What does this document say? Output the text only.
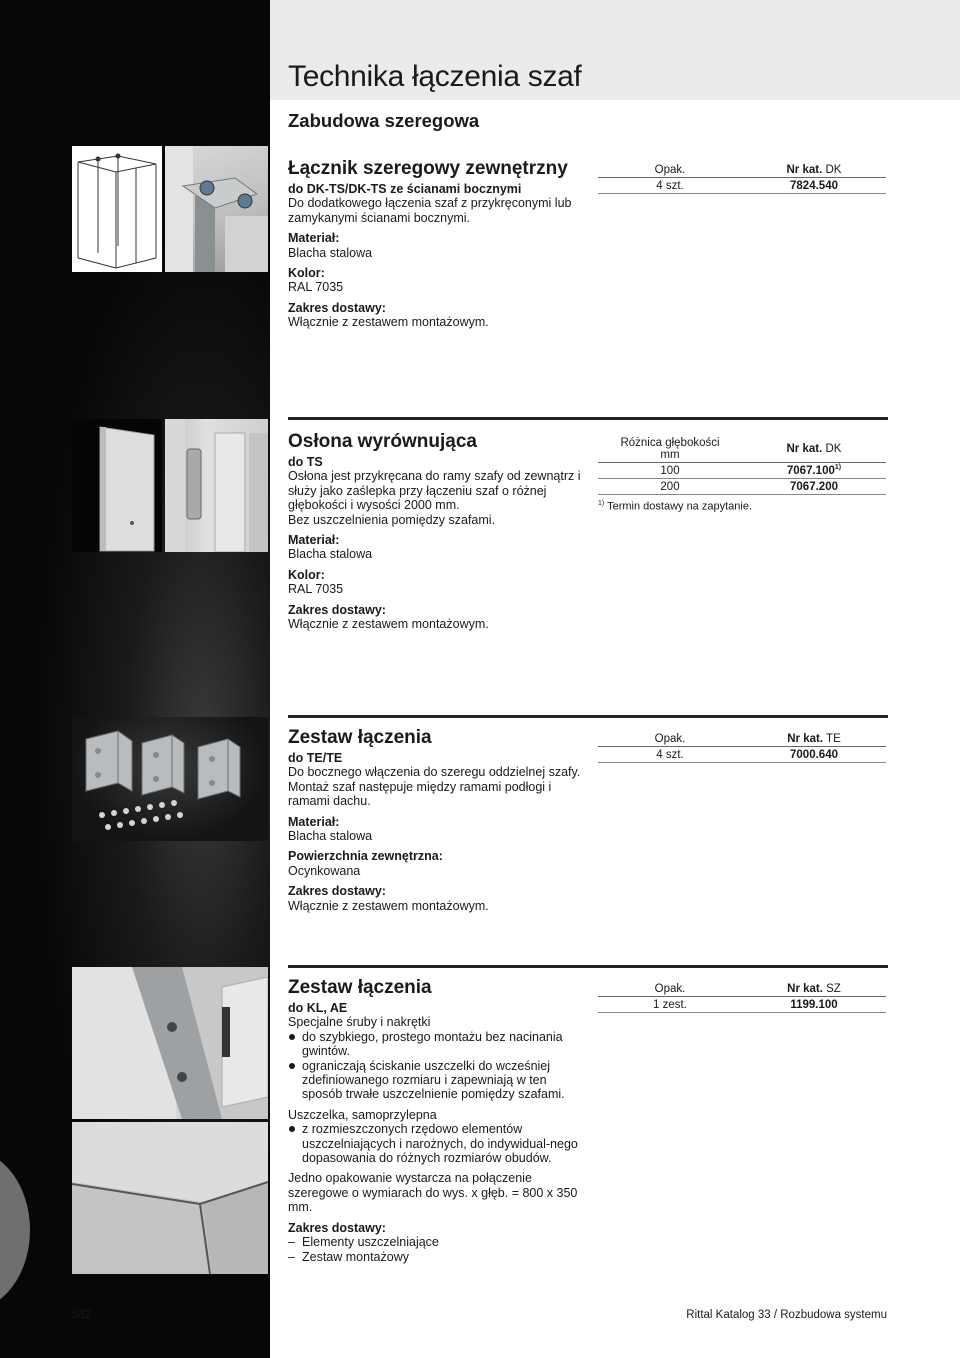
Technika łączenia szaf
Zabudowa szeregowa
Łącznik szeregowy zewnętrzny
do DK-TS/DK-TS ze ścianami bocznymi
Do dodatkowego łączenia szaf z przykręconymi lub zamykanymi ścianami bocznymi.
Materiał:
Blacha stalowa
Kolor:
RAL 7035
Zakres dostawy:
Włącznie z zestawem montażowym.
Opak.	Nr kat. DK
4 szt.	7824.540
Osłona wyrównująca
do TS
Osłona jest przykręcana do ramy szafy od zewnątrz i służy jako zaślepka przy łączeniu szaf o różnej głębokości i wysości 2000 mm.
Bez uszczelnienia pomiędzy szafami.
Materiał:
Blacha stalowa
Kolor:
RAL 7035
Zakres dostawy:
Włącznie z zestawem montażowym.
Różnica głębokości
mm	Nr kat. DK
100	7067.100$^{1)}$
200	7067.200
$^{1)}$ Termin dostawy na zapytanie.
Zestaw łączenia
do TE/TE
Do bocznego włączenia do szeregu oddzielnej szafy. Montaż szaf następuje między ramami podłogi i ramami dachu.
Materiał:
Blacha stalowa
Powierzchnia zewnętrzna:
Ocynkowana
Zakres dostawy:
Włącznie z zestawem montażowym.
Opak.	Nr kat. TE
4 szt.	7000.640
Zestaw łączenia
do KL, AE
Specjalne śruby i nakrętki
do szybkiego, prostego montażu bez nacinania gwintów.
ograniczają ściskanie uszczelki do wcześniej zdefiniowanego rozmiaru i zapewniają w ten sposób trwałe uszczelnienie pomiędzy szafami.
Uszczelka, samoprzylepna
z rozmieszczonych rzędowo elementów uszczelniających i narożnych, do indywidual-nego dopasowania do różnych rozmiarów obudów.
Jedno opakowanie wystarcza na połączenie szeregowe o wymiarach do wys. x głęb. = 800 x 350 mm.
Zakres dostawy:
– Elementy uszczelniające
– Zestaw montażowy
Opak.	Nr kat. SZ
1 zest.	1199.100
582	Rittal Katalog 33 / Rozbudowa systemu
